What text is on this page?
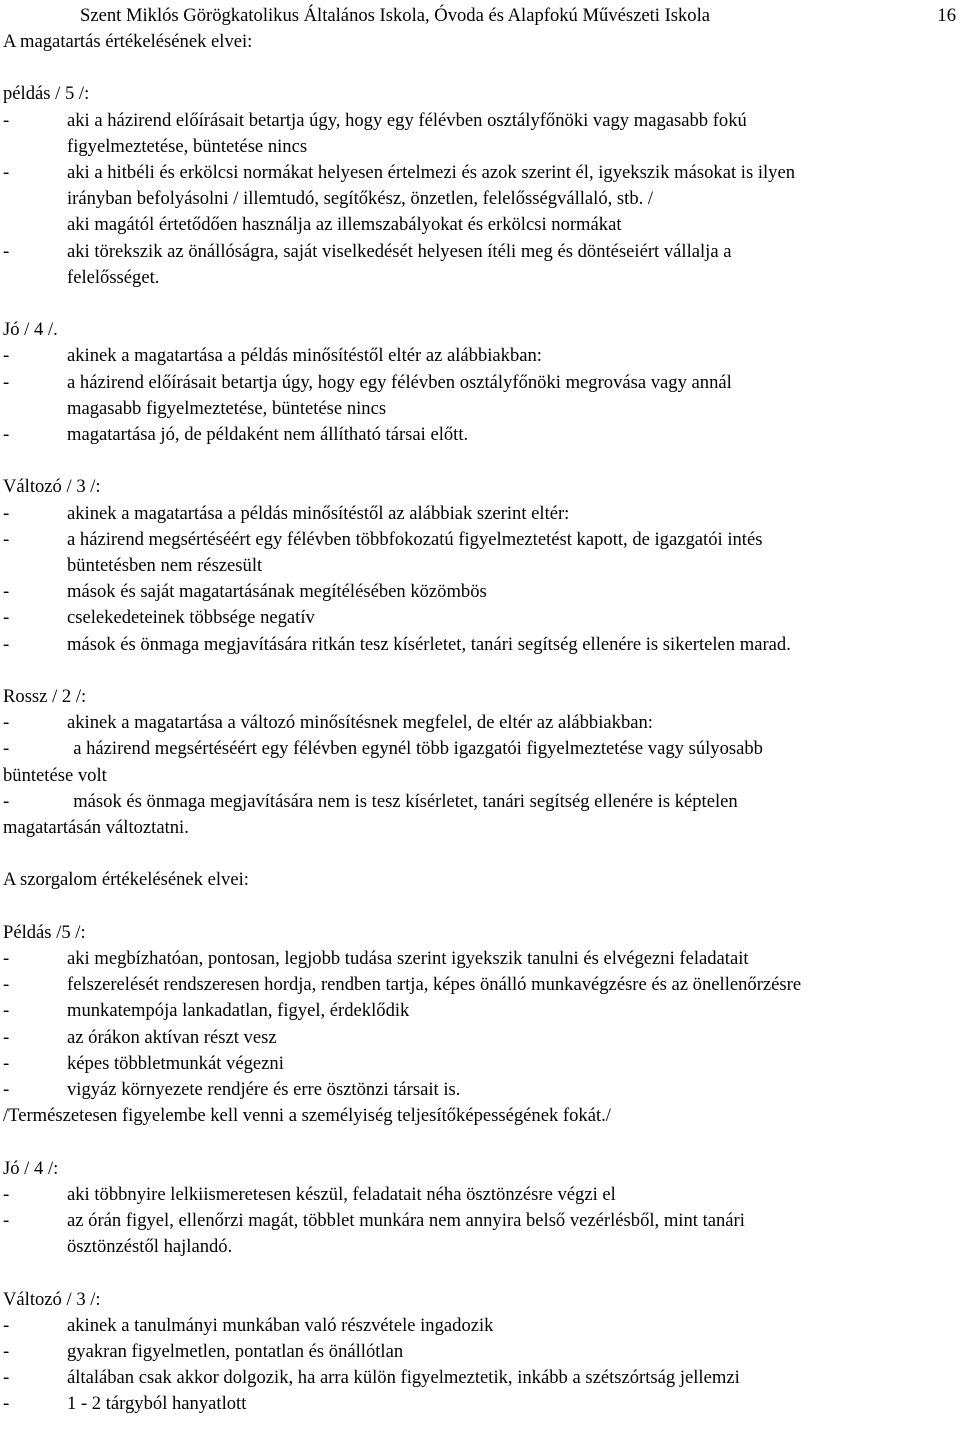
Szent Miklós Görögkatolikus Általános Iskola, Óvoda és Alapfokú Művészeti Iskola	16
A magatartás értékelésének elvei:
példás / 5 /:
-	aki a házirend előírásait betartja úgy, hogy egy félévben osztályfőnöki vagy magasabb fokú
figyelmeztetése, büntetése nincs
-	aki a hitbéli és erkölcsi normákat helyesen értelmezi és azok szerint él, igyekszik másokat is ilyen
irányban befolyásolni / illemtudó, segítőkész, önzetlen, felelősségvállaló, stb. /
aki magától értetődően használja az illemszabályokat és erkölcsi normákat
-	aki törekszik az önállóságra, saját viselkedését helyesen ítéli meg és döntéseiért vállalja a
felelősséget.
Jó / 4 /.
-	akinek a magatartása a példás minősítéstől eltér az alábbiakban:
-	a házirend előírásait betartja úgy, hogy egy félévben osztályfőnöki megrovása vagy annál
magasabb figyelmeztetése, büntetése nincs
-	magatartása jó, de példaként nem állítható társai előtt.
Változó / 3 /:
-	akinek a magatartása a példás minősítéstől az alábbiak szerint eltér:
-	a házirend megsértéséért egy félévben többfokozatú figyelmeztetést kapott, de igazgatói intés
büntetésben nem részesült
-	mások és saját magatartásának megítélésében közömbös
-	cselekedeteinek többsége negatív
-	mások és önmaga megjavítására ritkán tesz kísérletet, tanári segítség ellenére is sikertelen marad.
Rossz / 2 /:
-	akinek a magatartása a változó minősítésnek megfelel, de eltér az alábbiakban:
-	a házirend megsértéséért egy félévben egynél több igazgatói figyelmeztetése vagy súlyosabb
büntetése volt
-	mások és önmaga megjavítására nem is tesz kísérletet, tanári segítség ellenére is képtelen
magatartásán változtatni.
A szorgalom értékelésének elvei:
Példás /5 /:
-	aki megbízhatóan, pontosan, legjobb tudása szerint igyekszik tanulni és elvégezni feladatait
-	felszerelését rendszeresen hordja, rendben tartja, képes önálló munkavégzésre és az önellenőrzésre
-	munkatempója lankadatlan, figyel, érdeklődik
-	az órákon aktívan részt vesz
-	képes többletmunkát végezni
-	vigyáz környezete rendjére és erre ösztönzi társait is.
/Természetesen figyelembe kell venni a személyiség teljesítőképességének fokát./
Jó / 4 /:
-	aki többnyire lelkiismeretesen készül, feladatait néha ösztönzésre végzi el
-	az órán figyel, ellenőrzi magát, többlet munkára nem annyira belső vezérlésből, mint tanári
ösztönzéstől hajlandó.
Változó / 3 /:
-	akinek a tanulmányi munkában való részvétele ingadozik
-	gyakran figyelmetlen, pontatlan és önállótlan
-	általában csak akkor dolgozik, ha arra külön figyelmeztetik, inkább a szétszórtság jellemzi
-	1 - 2 tárgyból hanyatlott
